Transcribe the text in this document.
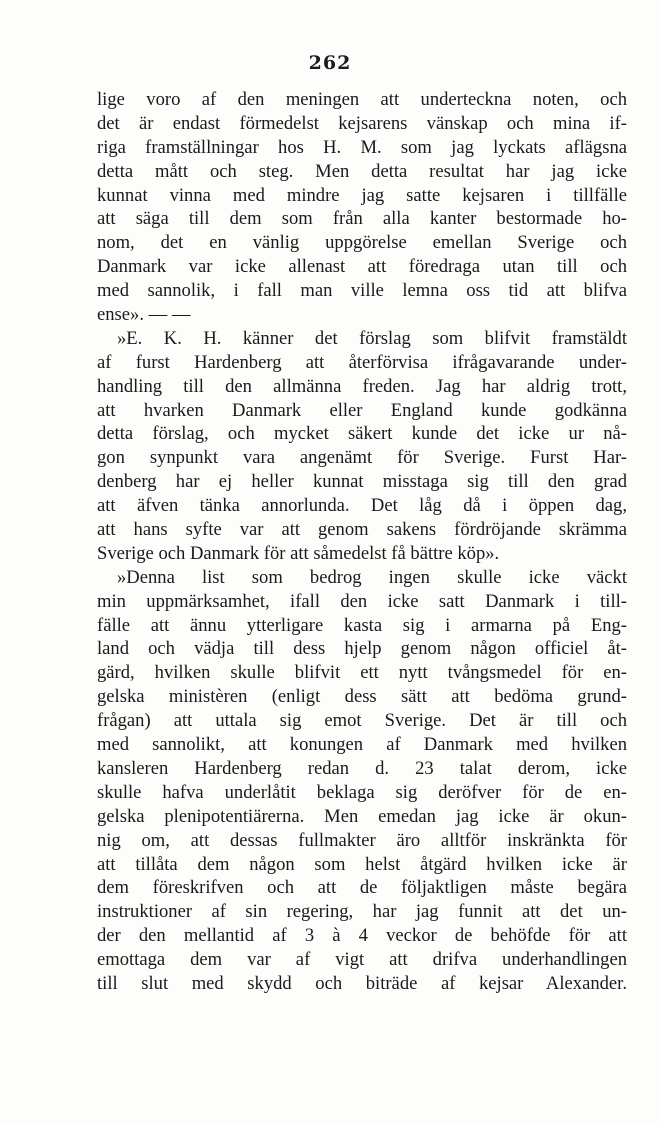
262
lige voro af den meningen att underteckna noten, och
det är endast förmedelst kejsarens vänskap och mina if-
riga framställningar hos H. M. som jag lyckats aflägsna
detta mått och steg. Men detta resultat har jag icke
kunnat vinna med mindre jag satte kejsaren i tillfälle
att säga till dem som från alla kanter bestormade ho-
nom, det en vänlig uppgörelse emellan Sverige och
Danmark var icke allenast att föredraga utan till och
med sannolik, i fall man ville lemna oss tid att blifva
ense». — —
»E. K. H. känner det förslag som blifvit framstäldt
af furst Hardenberg att återförvisa ifrågavarande under-
handling till den allmänna freden. Jag har aldrig trott,
att hvarken Danmark eller England kunde godkänna
detta förslag, och mycket säkert kunde det icke ur nå-
gon synpunkt vara angenämt för Sverige. Furst Har-
denberg har ej heller kunnat misstaga sig till den grad
att äfven tänka annorlunda. Det låg då i öppen dag,
att hans syfte var att genom sakens fördröjande skrämma
Sverige och Danmark för att såmedelst få bättre köp».
»Denna list som bedrog ingen skulle icke väckt
min uppmärksamhet, ifall den icke satt Danmark i till-
fälle att ännu ytterligare kasta sig i armarna på Eng-
land och vädja till dess hjelp genom någon officiel åt-
gärd, hvilken skulle blifvit ett nytt tvångsmedel för en-
gelska ministèren (enligt dess sätt att bedöma grund-
frågan) att uttala sig emot Sverige. Det är till och
med sannolikt, att konungen af Danmark med hvilken
kansleren Hardenberg redan d. 23 talat derom, icke
skulle hafva underlåtit beklaga sig deröfver för de en-
gelska plenipotentiärerna. Men emedan jag icke är okun-
nig om, att dessas fullmakter äro alltför inskränkta för
att tillåta dem någon som helst åtgärd hvilken icke är
dem föreskrifven och att de följaktligen måste begära
instruktioner af sin regering, har jag funnit att det un-
der den mellantid af 3 à 4 veckor de behöfde för att
emottaga dem var af vigt att drifva underhandlingen
till slut med skydd och biträde af kejsar Alexander.
